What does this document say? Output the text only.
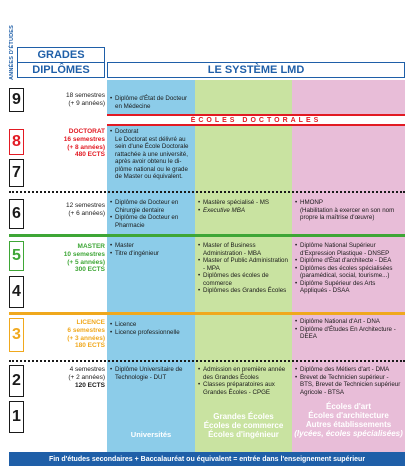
ANNÉES D'ÉTUDES	GRADES
DIPLÔMES	LE SYSTÈME LMD
Universités
Grandes Écoles
Écoles de commerce
Écoles d'ingénieur
Écoles d'art
Écoles d'architecture
Autres établissements
(lycées, écoles spécialisées)
ÉCOLES DOCTORALES
9
8
7
6
5
4
3
2
1
18 semestres
(+ 9 années)
DOCTORAT
16 semestres
(+ 8 années)
480 ECTS
12 semestres
(+ 6 années)
MASTER
10 semestres
(+ 5 années)
300 ECTS
LICENCE
6 semestres
(+ 3 années)
180 ECTS
4 semestres
(+ 2 années)
120 ECTS
• Diplôme d'État de Docteur en Médecine
• Doctorat

Le Doctorat est délivré au sein d'une École Doctorale rattachée à une université, après avoir obtenu le di-plôme national ou le grade de Master ou équivalent.

• Diplôme de Docteur en Chirurgie dentaire
• Diplôme de Docteur en Pharmacie
• Master
• Titre d'ingénieur
• Licence
• Licence professionnelle
• Diplôme Universitaire de Technologie - DUT
• Mastère spécialisé - MS
• Executive MBA
• Master of Business Administration - MBA
• Master of Public Administration - MPA
• Diplômes des écoles de commerce
• Diplômes des Grandes Écoles
• Admission en première année des Grandes Écoles
• Classes préparatoires aux Grandes Écoles - CPGE
• HMONP

(Habilitation à exercer en son nom propre la maîtrise d'œuvre)

• Diplôme National Supérieur d'Expression Plastique - DNSEP
• Diplôme d'État d'architecte - DEA
• Diplômes des écoles spécialisées (paramédical, social, tourisme...)
• Diplôme Supérieur des Arts Appliqués - DSAA
• Diplôme National d'Art - DNA
• Diplôme d'Études En Architecture - DEEA
• Diplôme des Métiers d'art - DMA
• Brevet de Technicien supérieur - BTS, Brevet de Technicien supérieur Agricole - BTSA
Fin d'études secondaires + Baccalauréat ou équivalent = entrée dans l'enseignement supérieur
